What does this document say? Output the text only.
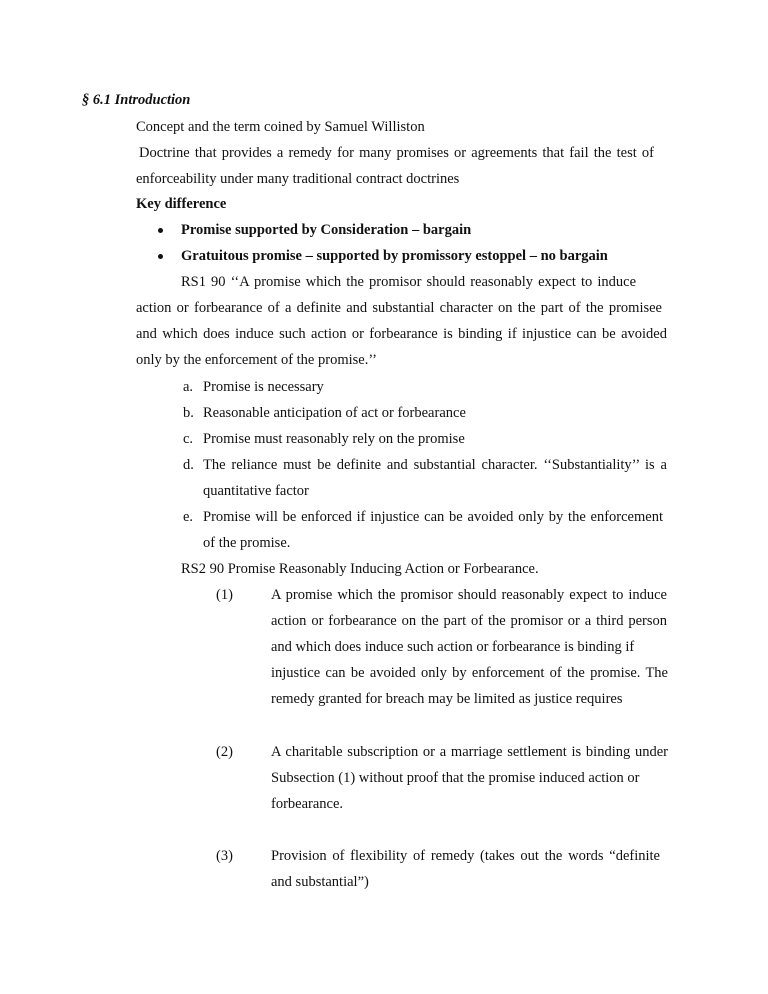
§ 6.1 Introduction
Concept and the term coined by Samuel Williston
Doctrine that provides a remedy for many promises or agreements that fail the test of
enforceability under many traditional contract doctrines
Key difference
Promise supported by Consideration – bargain
Gratuitous promise – supported by promissory estoppel – no bargain
RS1 90 ‘‘A promise which the promisor should reasonably expect to induce
action or forbearance of a definite and substantial character on the part of the promisee
and which does induce such action or forbearance is binding if injustice can be avoided
only by the enforcement of the promise.’’
a. Promise is necessary
b. Reasonable anticipation of act or forbearance
c. Promise must reasonably rely on the promise
d. The reliance must be definite and substantial character. ‘‘Substantiality’’ is a
quantitative factor
e. Promise will be enforced if injustice can be avoided only by the enforcement
of the promise.
RS2 90 Promise Reasonably Inducing Action or Forbearance.
(1)	A promise which the promisor should reasonably expect to induce
action or forbearance on the part of the promisor or a third person
and which does induce such action or forbearance is binding if
injustice can be avoided only by enforcement of the promise. The
remedy granted for breach may be limited as justice requires
(2)	A charitable subscription or a marriage settlement is binding under
Subsection (1) without proof that the promise induced action or
forbearance.
(3)	Provision of flexibility of remedy (takes out the words “definite
and substantial”)
